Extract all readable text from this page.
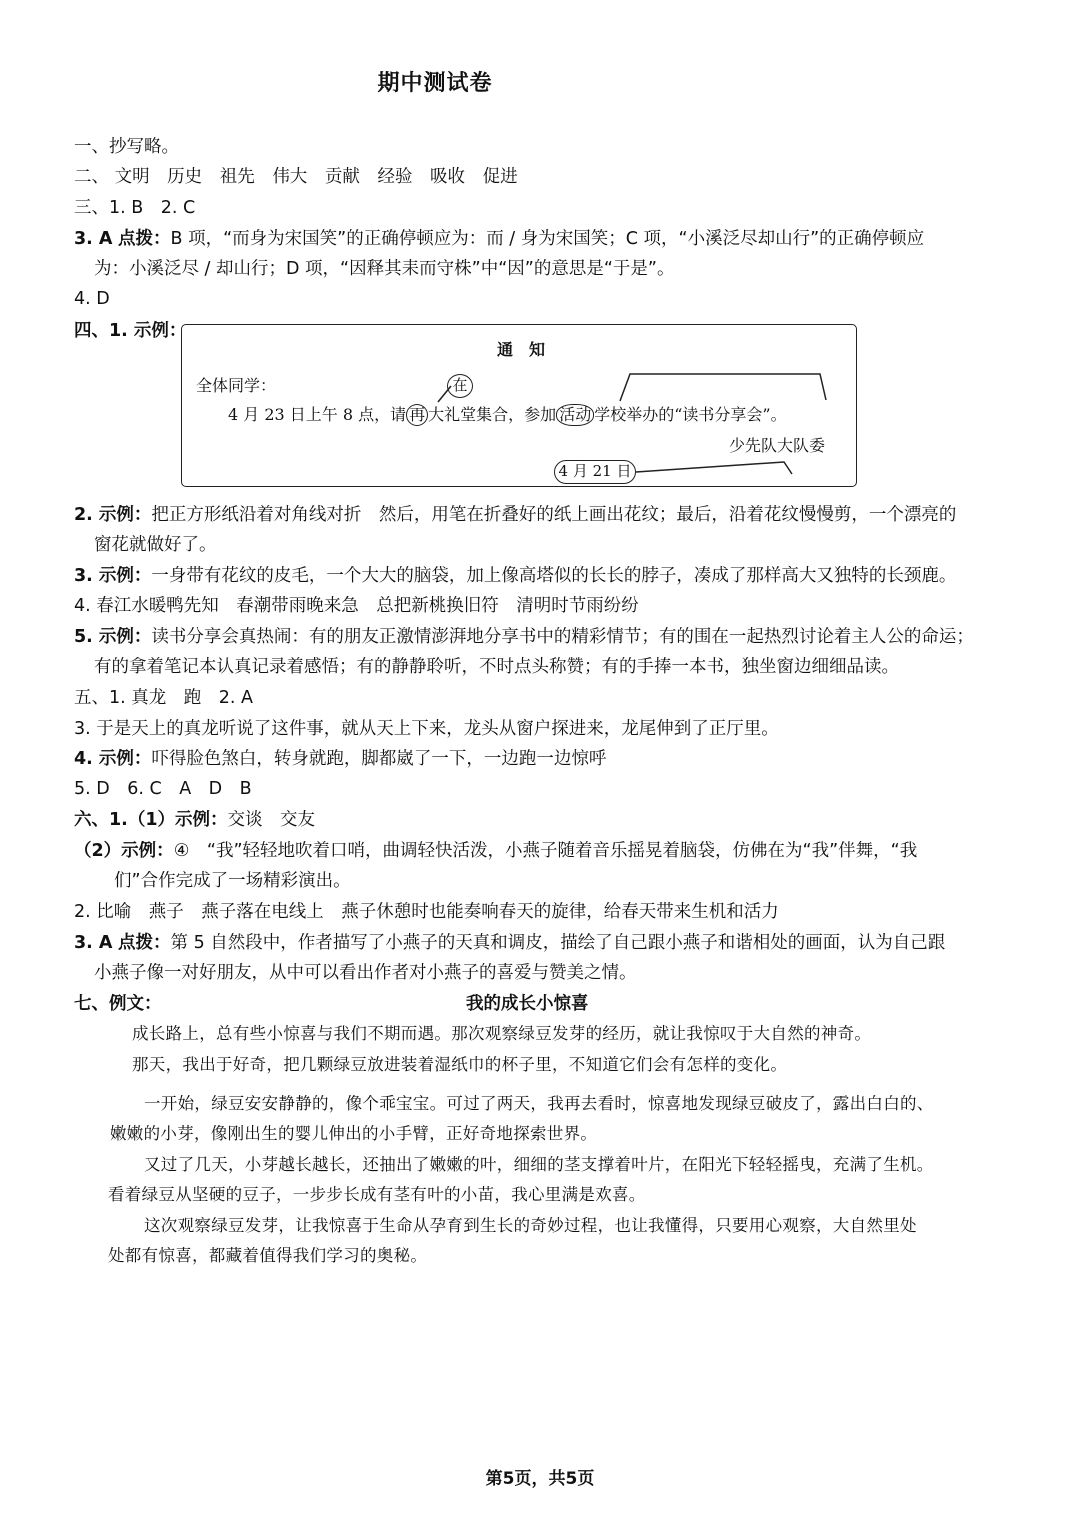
期中测试卷
一、抄写略。
二、 文明 历史 祖先 伟大 贡献 经验 吸收 促进
三、1. B　2. C
3. A 点拨：B 项，“而身为宋国笑”的正确停顿应为：而 / 身为宋国笑；C 项，“小溪泛尽却山行”的正确停顿应
为：小溪泛尽 / 却山行；D 项，“因释其耒而守株”中“因”的意思是“于是”。
4. D
四、1. 示例：
通　知
全体同学：	在
4 月 23 日上午 8 点，请 再 大礼堂集合，参加 活动 学校举办的“读书分享会”。
少先队大队委
4 月 21 日
2. 示例：把正方形纸沿着对角线对折　然后，用笔在折叠好的纸上画出花纹；最后，沿着花纹慢慢剪，一个漂亮的
窗花就做好了。
3. 示例：一身带有花纹的皮毛，一个大大的脑袋，加上像高塔似的长长的脖子，凑成了那样高大又独特的长颈鹿。
4. 春江水暖鸭先知　春潮带雨晚来急　总把新桃换旧符　清明时节雨纷纷
5. 示例：读书分享会真热闹：有的朋友正激情澎湃地分享书中的精彩情节；有的围在一起热烈讨论着主人公的命运；
有的拿着笔记本认真记录着感悟；有的静静聆听，不时点头称赞；有的手捧一本书，独坐窗边细细品读。
五、1. 真龙　跑　2. A
3. 于是天上的真龙听说了这件事，就从天上下来，龙头从窗户探进来，龙尾伸到了正厅里。
4. 示例：吓得脸色煞白，转身就跑，脚都崴了一下，一边跑一边惊呼
5. D　6. C　A　D　B
六、1.（1）示例：交谈　交友
（2）示例：④　“我”轻轻地吹着口哨，曲调轻快活泼，小燕子随着音乐摇晃着脑袋，仿佛在为“我”伴舞，“我
们”合作完成了一场精彩演出。
2. 比喻　燕子　燕子落在电线上　燕子休憩时也能奏响春天的旋律，给春天带来生机和活力
3. A 点拨：第 5 自然段中，作者描写了小燕子的天真和调皮，描绘了自己跟小燕子和谐相处的画面，认为自己跟
小燕子像一对好朋友，从中可以看出作者对小燕子的喜爱与赞美之情。
七、例文：	我的成长小惊喜
成长路上，总有些小惊喜与我们不期而遇。那次观察绿豆发芽的经历，就让我惊叹于大自然的神奇。
那天，我出于好奇，把几颗绿豆放进装着湿纸巾的杯子里，不知道它们会有怎样的变化。
一开始，绿豆安安静静的，像个乖宝宝。可过了两天，我再去看时，惊喜地发现绿豆破皮了，露出白白的、
嫩嫩的小芽，像刚出生的婴儿伸出的小手臂，正好奇地探索世界。
又过了几天，小芽越长越长，还抽出了嫩嫩的叶，细细的茎支撑着叶片，在阳光下轻轻摇曳，充满了生机。
看着绿豆从坚硬的豆子，一步步长成有茎有叶的小苗，我心里满是欢喜。
这次观察绿豆发芽，让我惊喜于生命从孕育到生长的奇妙过程，也让我懂得，只要用心观察，大自然里处
处都有惊喜，都藏着值得我们学习的奥秘。
第5页，共5页
